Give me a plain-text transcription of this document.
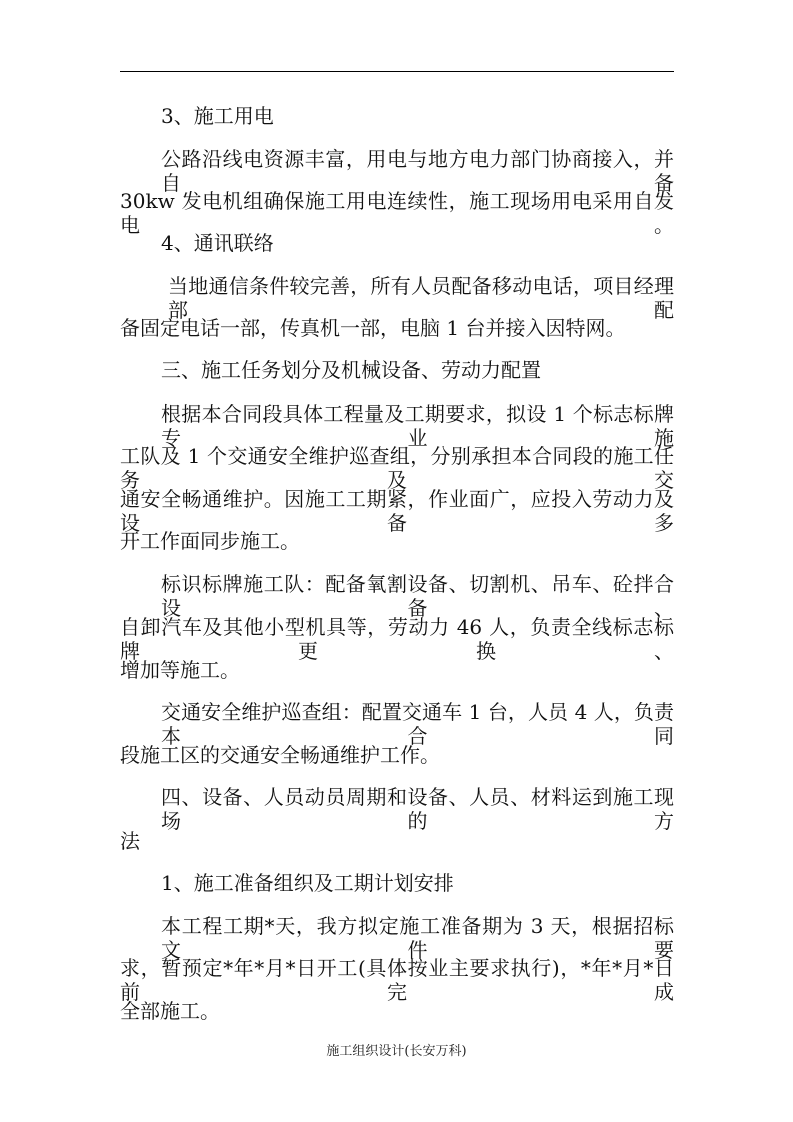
3、施工用电
公路沿线电资源丰富，用电与地方电力部门协商接入，并自备
30kw 发电机组确保施工用电连续性，施工现场用电采用自发电。
4、通讯联络
当地通信条件较完善，所有人员配备移动电话，项目经理部配
备固定电话一部，传真机一部，电脑 1 台并接入因特网。
三、施工任务划分及机械设备、劳动力配置
根据本合同段具体工程量及工期要求，拟设 1 个标志标牌专业施
工队及 1 个交通安全维护巡查组，分别承担本合同段的施工任务及交
通安全畅通维护。因施工工期紧，作业面广，应投入劳动力及设备多
开工作面同步施工。
标识标牌施工队：配备氧割设备、切割机、吊车、砼拌合设备、
自卸汽车及其他小型机具等，劳动力 46 人，负责全线标志标牌更换、
增加等施工。
交通安全维护巡查组：配置交通车 1 台，人员 4 人，负责本合同
段施工区的交通安全畅通维护工作。
四、设备、人员动员周期和设备、人员、材料运到施工现场的方
法
1、施工准备组织及工期计划安排
本工程工期*天，我方拟定施工准备期为 3 天，根据招标文件要
求，暂预定*年*月*日开工(具体按业主要求执行)，*年*月*日前完成
全部施工。
施工组织设计(长安万科)
